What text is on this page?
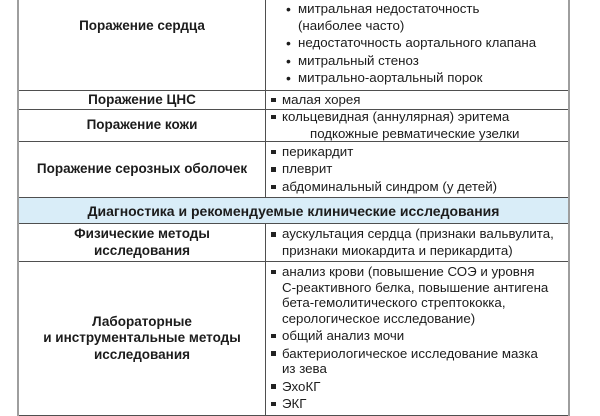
Поражение сердца
• митральная недостаточность
(наиболее часто)
• недостаточность аортального клапана
• митральный стеноз
• митрально-аортальный порок
Поражение ЦНС	малая хорея
Поражение кожи
кольцевидная (аннулярная) эритема
подкожные ревматические узелки
Поражение серозных оболочек
перикардит
плеврит
абдоминальный синдром (у детей)
Диагностика и рекомендуемые клинические исследования
Физические методы
исследования
аускультация сердца (признаки вальвулита,
признаки миокардита и перикардита)
Лабораторные
и инструментальные методы
исследования
анализ крови (повышение СОЭ и уровня
С-реактивного белка, повышение антигена
бета-гемолитического стрептококка,
серологическое исследование)
общий анализ мочи
бактериологическое исследование мазка
из зева
ЭхоКГ
ЭКГ
